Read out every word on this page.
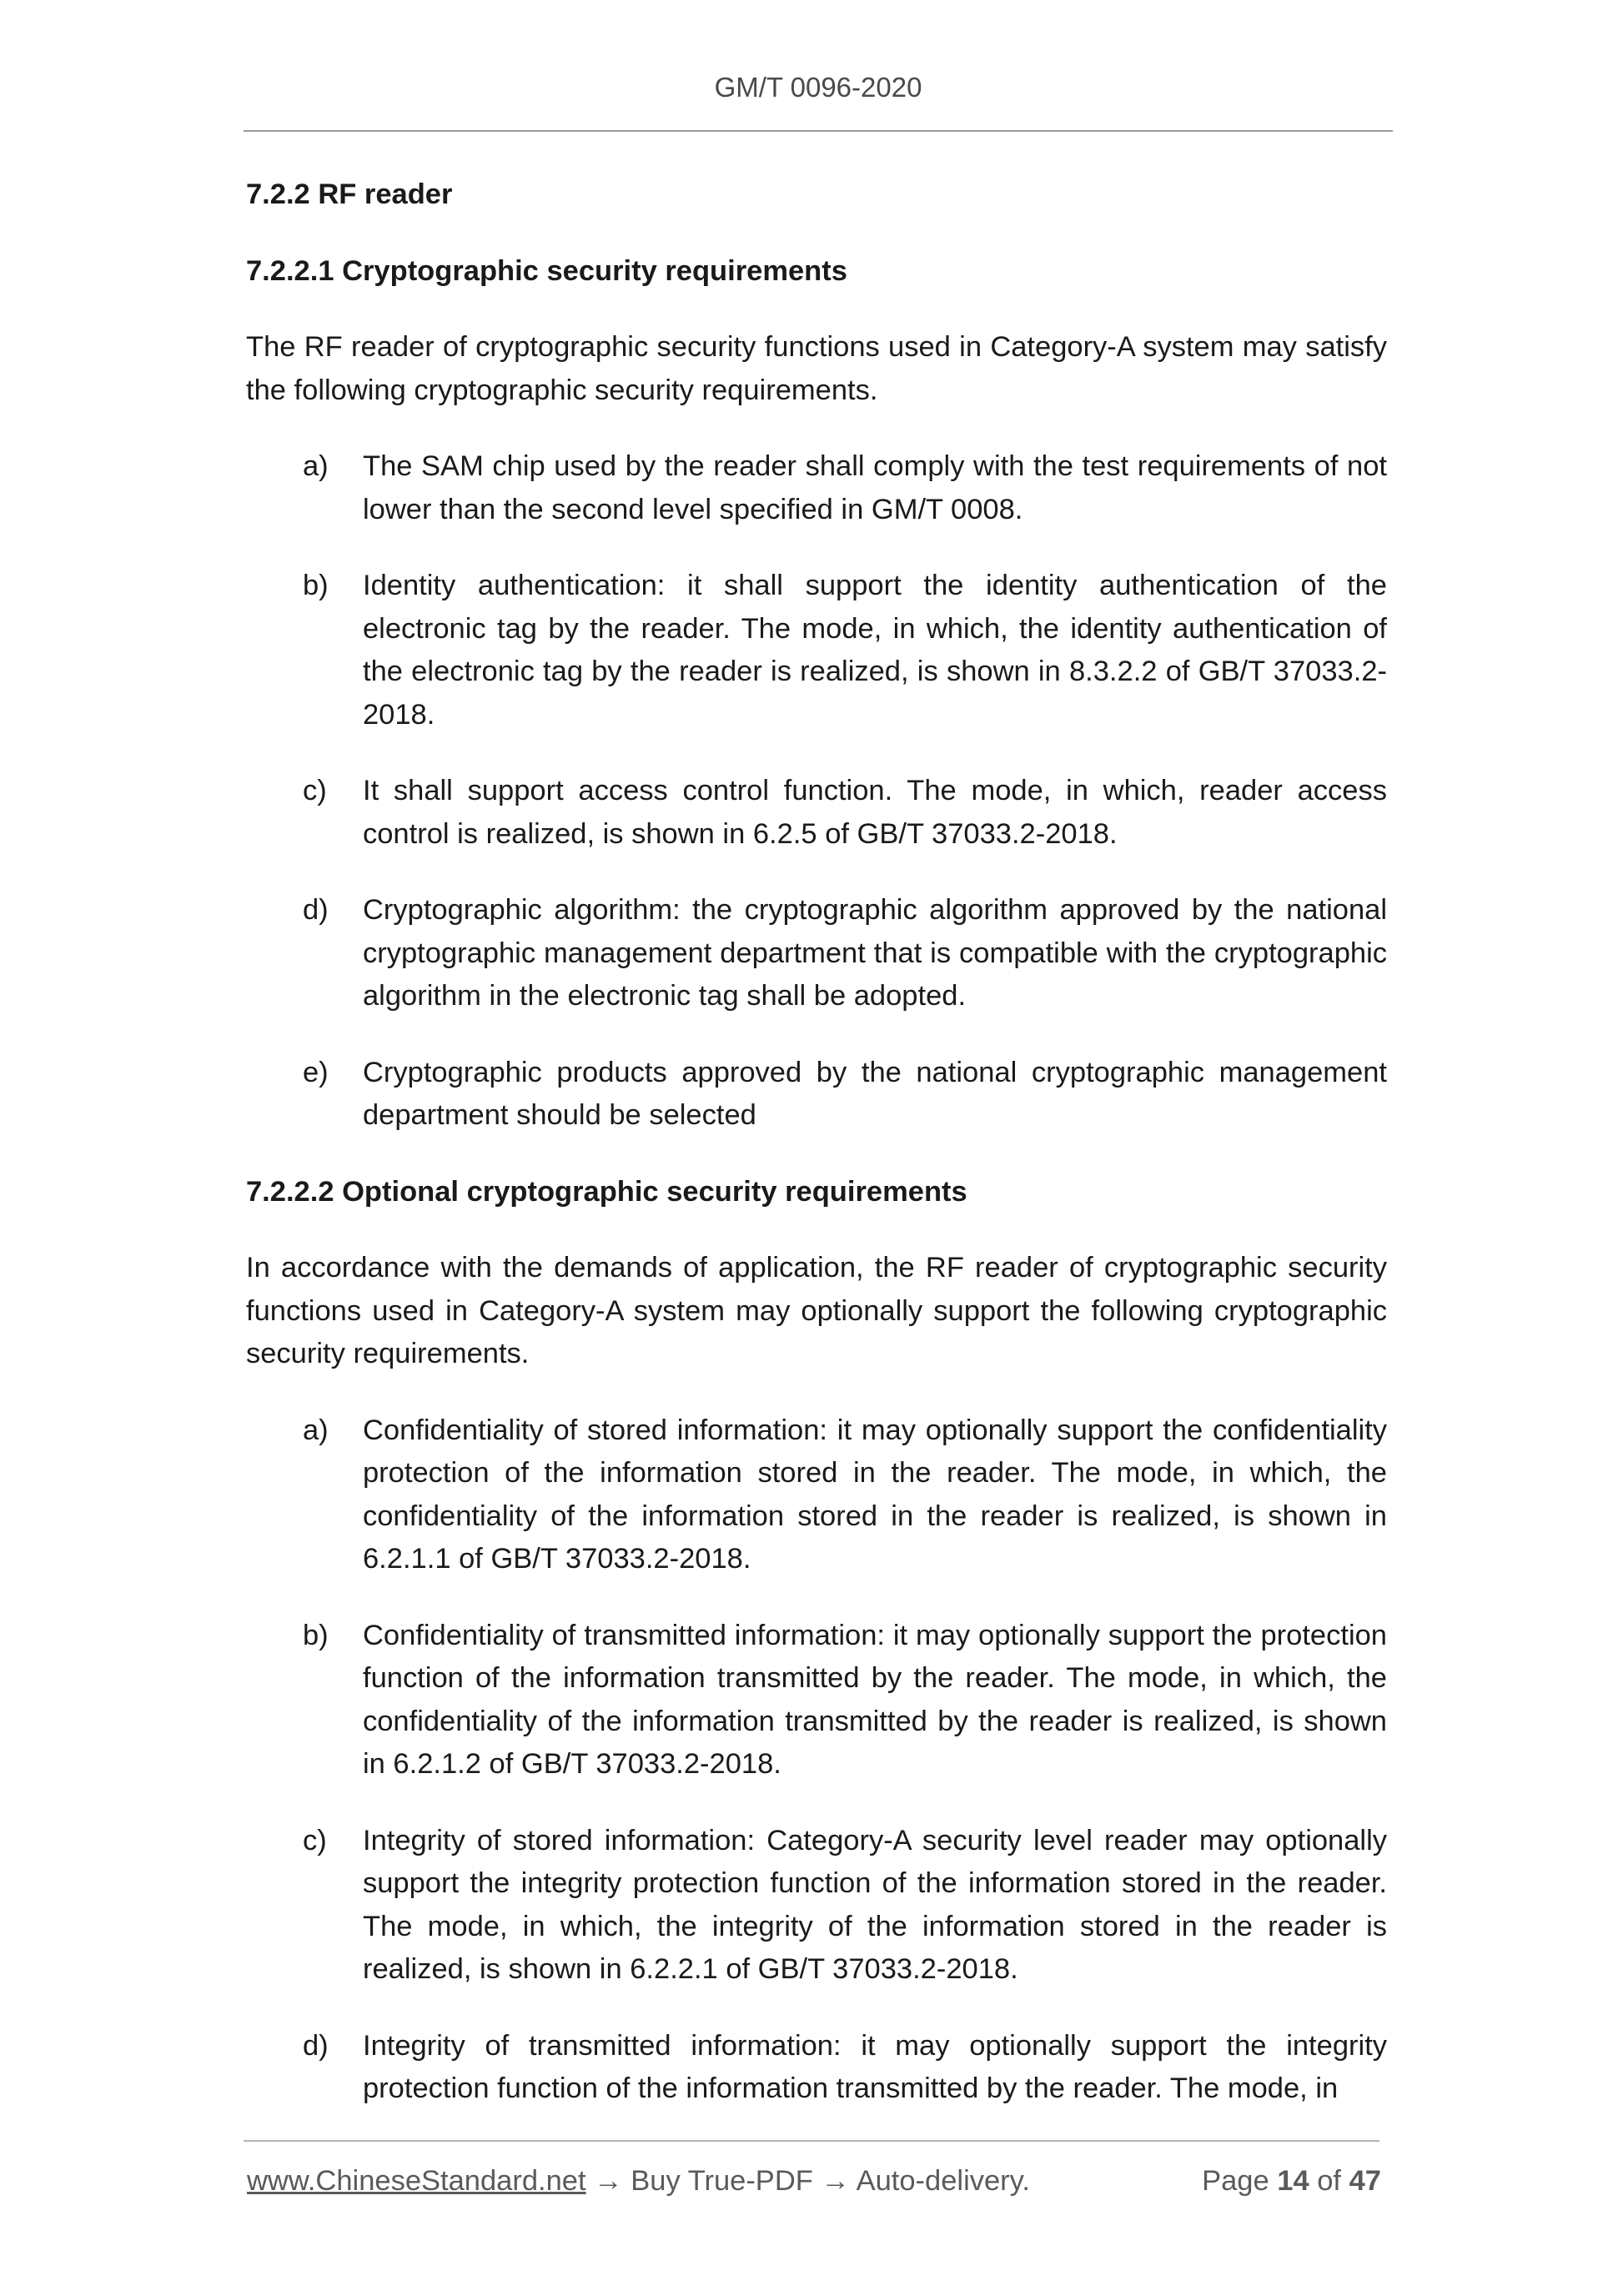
GM/T 0096-2020
7.2.2 RF reader
7.2.2.1 Cryptographic security requirements
The RF reader of cryptographic security functions used in Category-A system may satisfy the following cryptographic security requirements.
a)	The SAM chip used by the reader shall comply with the test requirements of not lower than the second level specified in GM/T 0008.
b)	Identity authentication: it shall support the identity authentication of the electronic tag by the reader. The mode, in which, the identity authentication of the electronic tag by the reader is realized, is shown in 8.3.2.2 of GB/T 37033.2-2018.
c)	It shall support access control function. The mode, in which, reader access control is realized, is shown in 6.2.5 of GB/T 37033.2-2018.
d)	Cryptographic algorithm: the cryptographic algorithm approved by the national cryptographic management department that is compatible with the cryptographic algorithm in the electronic tag shall be adopted.
e)	Cryptographic products approved by the national cryptographic management department should be selected
7.2.2.2 Optional cryptographic security requirements
In accordance with the demands of application, the RF reader of cryptographic security functions used in Category-A system may optionally support the following cryptographic security requirements.
a)	Confidentiality of stored information: it may optionally support the confidentiality protection of the information stored in the reader. The mode, in which, the confidentiality of the information stored in the reader is realized, is shown in 6.2.1.1 of GB/T 37033.2-2018.
b)	Confidentiality of transmitted information: it may optionally support the protection function of the information transmitted by the reader. The mode, in which, the confidentiality of the information transmitted by the reader is realized, is shown in 6.2.1.2 of GB/T 37033.2-2018.
c)	Integrity of stored information: Category-A security level reader may optionally support the integrity protection function of the information stored in the reader. The mode, in which, the integrity of the information stored in the reader is realized, is shown in 6.2.2.1 of GB/T 37033.2-2018.
d)	Integrity of transmitted information: it may optionally support the integrity protection function of the information transmitted by the reader. The mode, in
www.ChineseStandard.net → Buy True-PDF → Auto-delivery.	Page 14 of 47
